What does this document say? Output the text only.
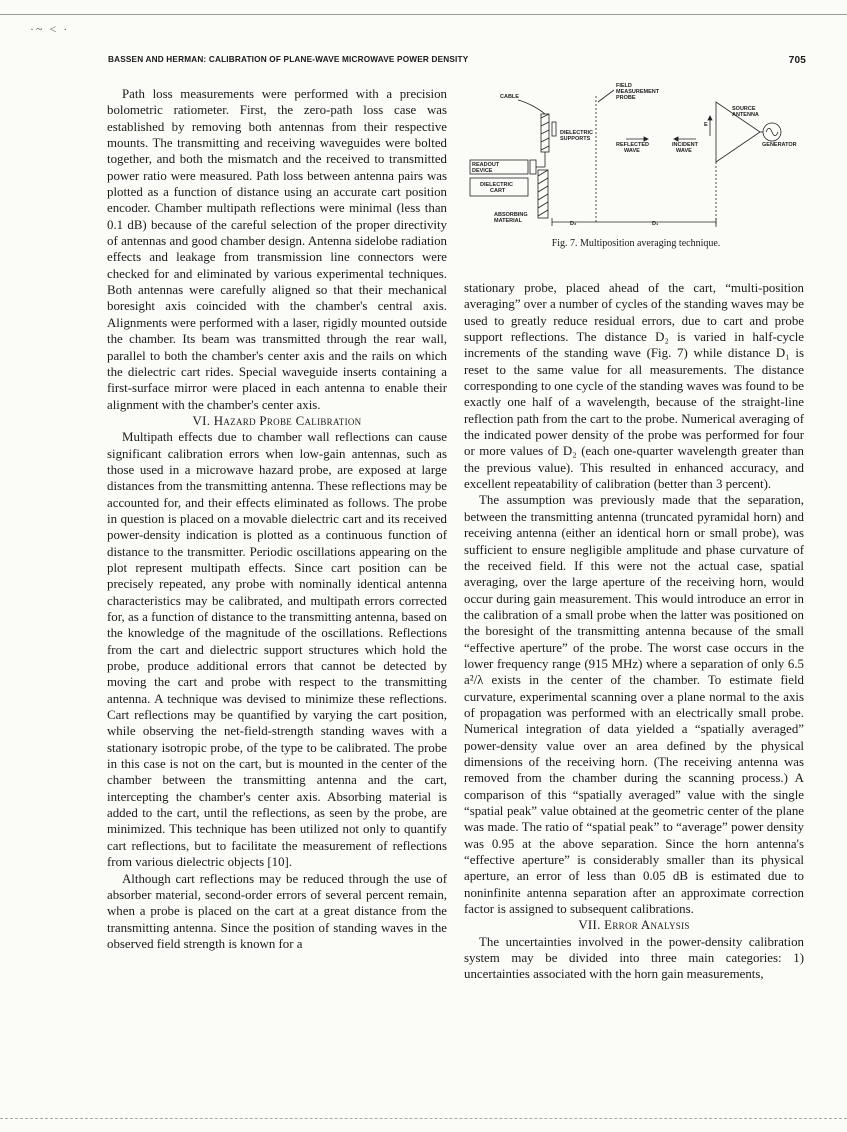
·~ < ·
BASSEN AND HERMAN: CALIBRATION OF PLANE-WAVE MICROWAVE POWER DENSITY	705

Path loss measurements were performed with a precision bolometric ratiometer. First, the zero-path loss case was established by removing both antennas from their respective mounts. The transmitting and receiving waveguides were bolted together, and both the mismatch and the received to transmitted power ratio were measured. Path loss between antenna pairs was plotted as a function of distance using an accurate cart position encoder. Chamber multipath reflections were minimal (less than 0.1 dB) because of the careful selection of the proper directivity of antennas and good chamber design. Antenna sidelobe radiation effects and leakage from transmission line connectors were checked for and eliminated by various experimental techniques. Both antennas were carefully aligned so that their mechanical boresight axis coincided with the chamber's central axis. Alignments were performed with a laser, rigidly mounted outside the chamber. Its beam was transmitted through the rear wall, parallel to both the chamber's center axis and the rails on which the dielectric cart rides. Special waveguide inserts containing a first-surface mirror were placed in each antenna to enable their alignment with the chamber's center axis.

VI. Hazard Probe Calibration

Multipath effects due to chamber wall reflections can cause significant calibration errors when low-gain antennas, such as those used in a microwave hazard probe, are exposed at large distances from the transmitting antenna. These reflections may be accounted for, and their effects eliminated as follows. The probe in question is placed on a movable dielectric cart and its received power-density indication is plotted as a continuous function of distance to the transmitter. Periodic oscillations appearing on the plot represent multipath effects. Since cart position can be precisely repeated, any probe with nominally identical antenna characteristics may be calibrated, and multipath errors corrected for, as a function of distance to the transmitting antenna, based on the knowledge of the magnitude of the oscillations. Reflections from the cart and dielectric support structures which hold the probe, produce additional errors that cannot be detected by moving the cart and probe with respect to the transmitting antenna. A technique was devised to minimize these reflections. Cart reflections may be quantified by varying the cart position, while observing the net-field-strength standing waves with a stationary isotropic probe, of the type to be calibrated. The probe in this case is not on the cart, but is mounted in the center of the chamber between the transmitting antenna and the cart, intercepting the chamber's center axis. Absorbing material is added to the cart, until the reflections, as seen by the probe, are minimized. This technique has been utilized not only to quantify cart reflections, but to facilitate the measurement of reflections from various dielectric objects [10].

Although cart reflections may be reduced through the use of absorber material, second-order errors of several percent remain, when a probe is placed on the cart at a great distance from the transmitting antenna. Since the position of standing waves in the observed field strength is known for a

CABLE
FIELD
MEASUREMENT
PROBE
DIELECTRIC
SUPPORTS
REFLECTED
WAVE
INCIDENT
WAVE
SOURCE
ANTENNA
GENERATOR
E
READOUT
DEVICE
DIELECTRIC
CART
ABSORBING
MATERIAL	D₂	D₁
Fig. 7. Multiposition averaging technique.

stationary probe, placed ahead of the cart, “multi-position averaging” over a number of cycles of the standing waves may be used to greatly reduce residual errors, due to cart and probe support reflections. The distance D₂ is varied in half-cycle increments of the standing wave (Fig. 7) while distance D₁ is reset to the same value for all measurements. The distance corresponding to one cycle of the standing waves was found to be exactly one half of a wavelength, because of the straight-line reflection path from the cart to the probe. Numerical averaging of the indicated power density of the probe was performed for four or more values of D₂ (each one-quarter wavelength greater than the previous value). This resulted in enhanced accuracy, and excellent repeatability of calibration (better than 3 percent).

The assumption was previously made that the separation, between the transmitting antenna (truncated pyramidal horn) and receiving antenna (either an identical horn or small probe), was sufficient to ensure negligible amplitude and phase curvature of the received field. If this were not the actual case, spatial averaging, over the large aperture of the receiving horn, would occur during gain measurement. This would introduce an error in the calibration of a small probe when the latter was positioned on the boresight of the transmitting antenna because of the small “effective aperture” of the probe. The worst case occurs in the lower frequency range (915 MHz) where a separation of only 6.5 a²/λ exists in the center of the chamber. To estimate field curvature, experimental scanning over a plane normal to the axis of propagation was performed with an electrically small probe. Numerical integration of data yielded a “spatially averaged” power-density value over an area defined by the physical dimensions of the receiving horn. (The receiving antenna was removed from the chamber during the scanning process.) A comparison of this “spatially averaged” value with the single “spatial peak” value obtained at the geometric center of the plane was made. The ratio of “spatial peak” to “average” power density was 0.95 at the above separation. Since the horn antenna's “effective aperture” is considerably smaller than its physical aperture, an error of less than 0.05 dB is estimated due to noninfinite antenna separation after an approximate correction factor is assigned to subsequent calibrations.

VII. Error Analysis

The uncertainties involved in the power-density calibration system may be divided into three main categories: 1) uncertainties associated with the horn gain measurements,
